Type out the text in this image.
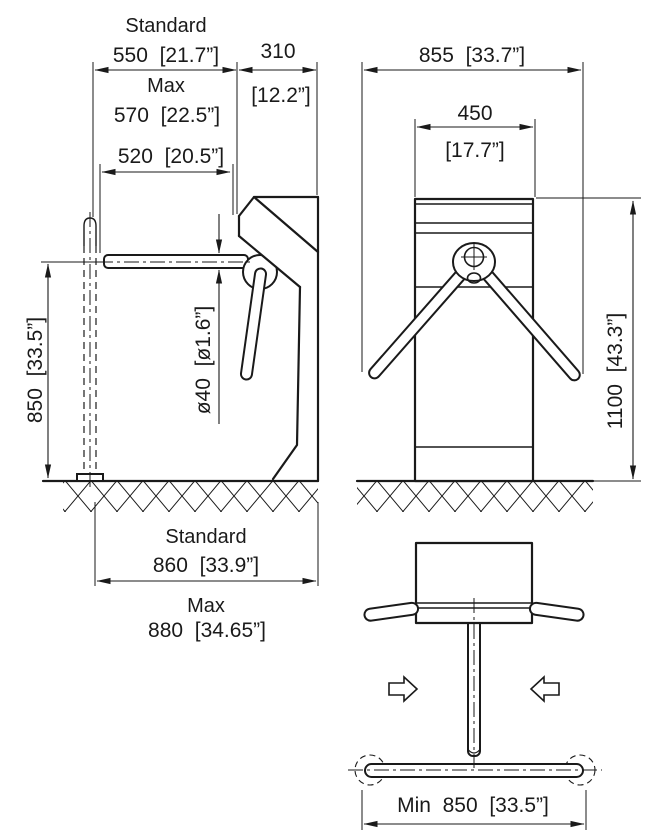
Standard
550  [21.7”]
Max
570  [22.5”]
520  [20.5”]
310
[12.2”]
850  [33.5”]	ø40  [ø1.6”]
Standard
860  [33.9”]
Max
880  [34.65”]
855  [33.7”]
450
[17.7”]
1100  [43.3”]
Min  850  [33.5”]
